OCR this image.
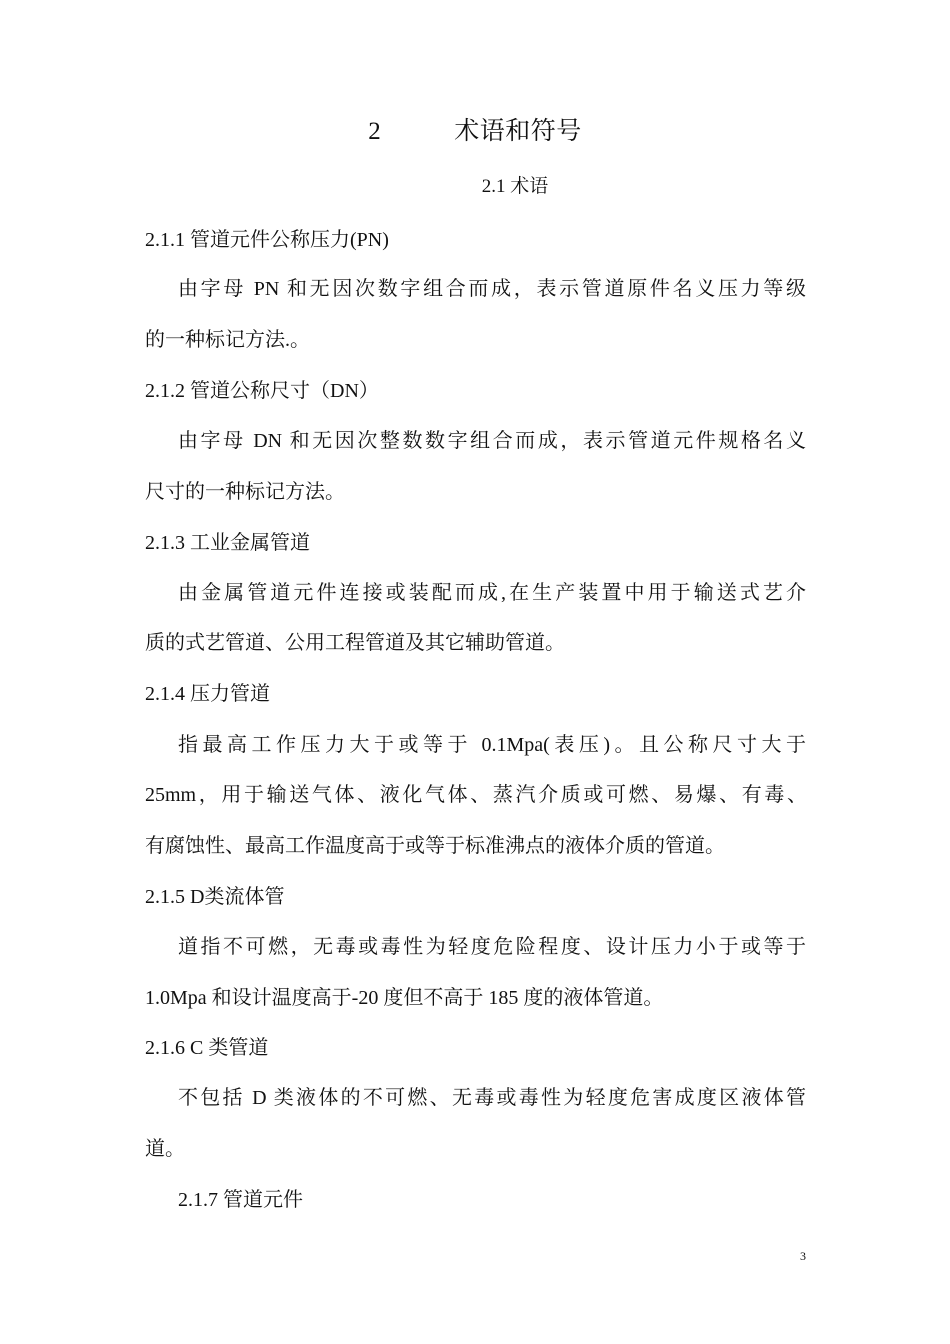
2	术语和符号
2.1 术语
2.1.1 管道元件公称压力(PN)
由字母 PN 和无因次数字组合而成，表示管道原件名义压力等级
的一种标记方法.。
2.1.2 管道公称尺寸（DN）
由字母 DN 和无因次整数数字组合而成，表示管道元件规格名义
尺寸的一种标记方法。
2.1.3 工业金属管道
由金属管道元件连接或装配而成,在生产装置中用于输送式艺介
质的式艺管道、公用工程管道及其它辅助管道。
2.1.4 压力管道
指最高工作压力大于或等于 0.1Mpa(表压)。且公称尺寸大于
25mm，用于输送气体、液化气体、蒸汽介质或可燃、易爆、有毒、
有腐蚀性、最高工作温度高于或等于标准沸点的液体介质的管道。
2.1.5 D类流体管
道指不可燃，无毒或毒性为轻度危险程度、设计压力小于或等于
1.0Mpa 和设计温度高于-20 度但不高于 185 度的液体管道。
2.1.6 C 类管道
不包括 D 类液体的不可燃、无毒或毒性为轻度危害成度区液体管
道。
2.1.7 管道元件
3
